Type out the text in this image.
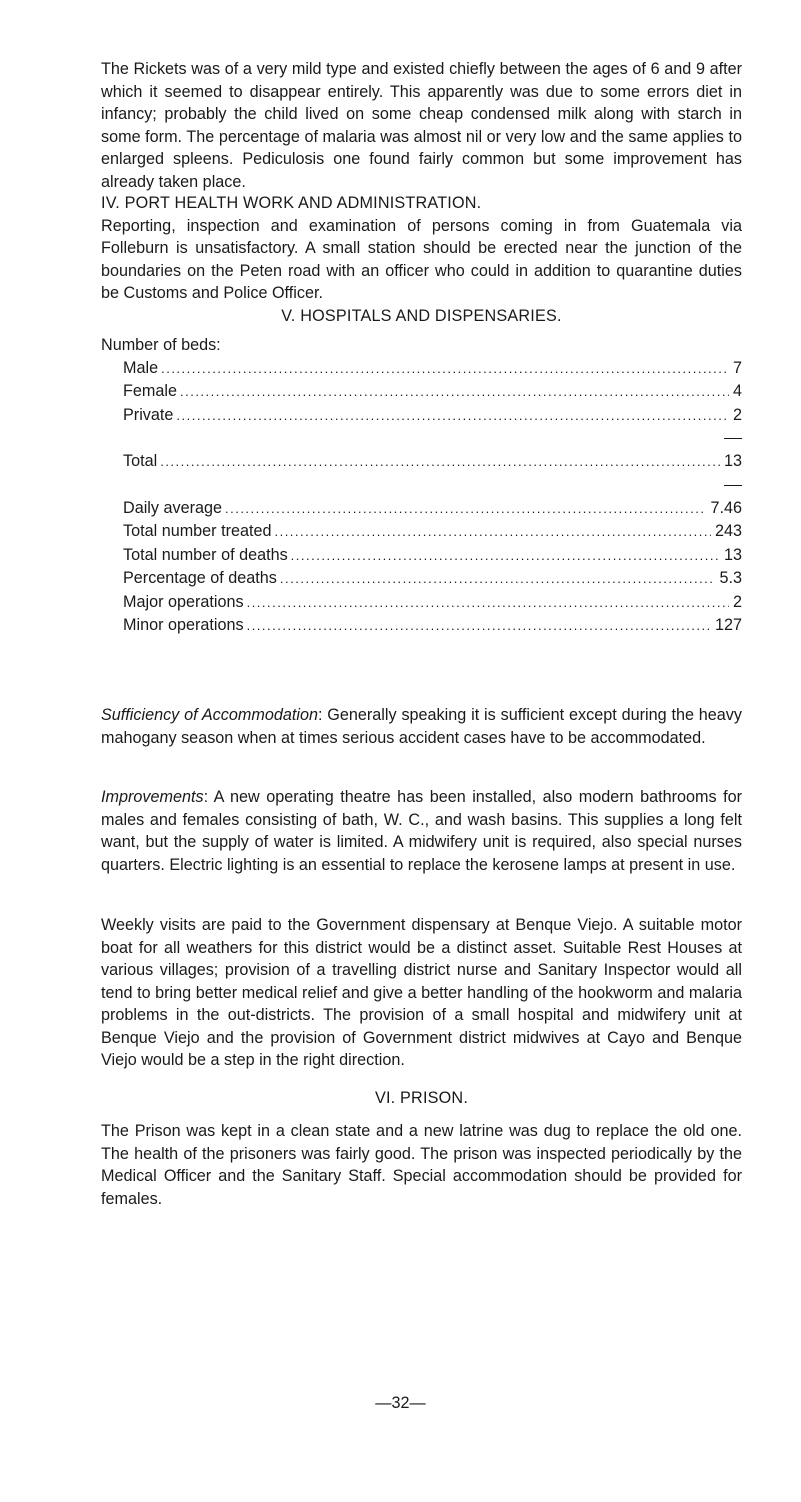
The Rickets was of a very mild type and existed chiefly between the ages of 6 and 9 after which it seemed to disappear entirely. This apparently was due to some errors diet in infancy; probably the child lived on some cheap condensed milk along with starch in some form. The percentage of malaria was almost nil or very low and the same applies to enlarged spleens. Pediculosis one found fairly common but some improvement has already taken place.

IV. PORT HEALTH WORK AND ADMINISTRATION.

Reporting, inspection and examination of persons coming in from Guatemala via Folleburn is unsatisfactory. A small station should be erected near the junction of the boundaries on the Peten road with an officer who could in addition to quarantine duties be Customs and Police Officer.

V. HOSPITALS AND DISPENSARIES.

Number of beds:

Male .....	7
Female .....	4
Private .....	2
Total .....	13
Daily average .....	7.46
Total number treated .....	243
Total number of deaths .....	13
Percentage of deaths .....	5.3
Major operations .....	2
Minor operations .....	127

Sufficiency of Accommodation: Generally speaking it is sufficient except during the heavy mahogany season when at times serious accident cases have to be accommodated.

Improvements: A new operating theatre has been installed, also modern bathrooms for males and females consisting of bath, W. C., and wash basins. This supplies a long felt want, but the supply of water is limited. A midwifery unit is required, also special nurses quarters. Electric lighting is an essential to replace the kerosene lamps at present in use.

Weekly visits are paid to the Government dispensary at Benque Viejo. A suitable motor boat for all weathers for this district would be a distinct asset. Suitable Rest Houses at various villages; provision of a travelling district nurse and Sanitary Inspector would all tend to bring better medical relief and give a better handling of the hookworm and malaria problems in the out-districts. The provision of a small hospital and midwifery unit at Benque Viejo and the provision of Government district midwives at Cayo and Benque Viejo would be a step in the right direction.

VI. PRISON.

The Prison was kept in a clean state and a new latrine was dug to replace the old one. The health of the prisoners was fairly good. The prison was inspected periodically by the Medical Officer and the Sanitary Staff. Special accommodation should be provided for females.

—32—
